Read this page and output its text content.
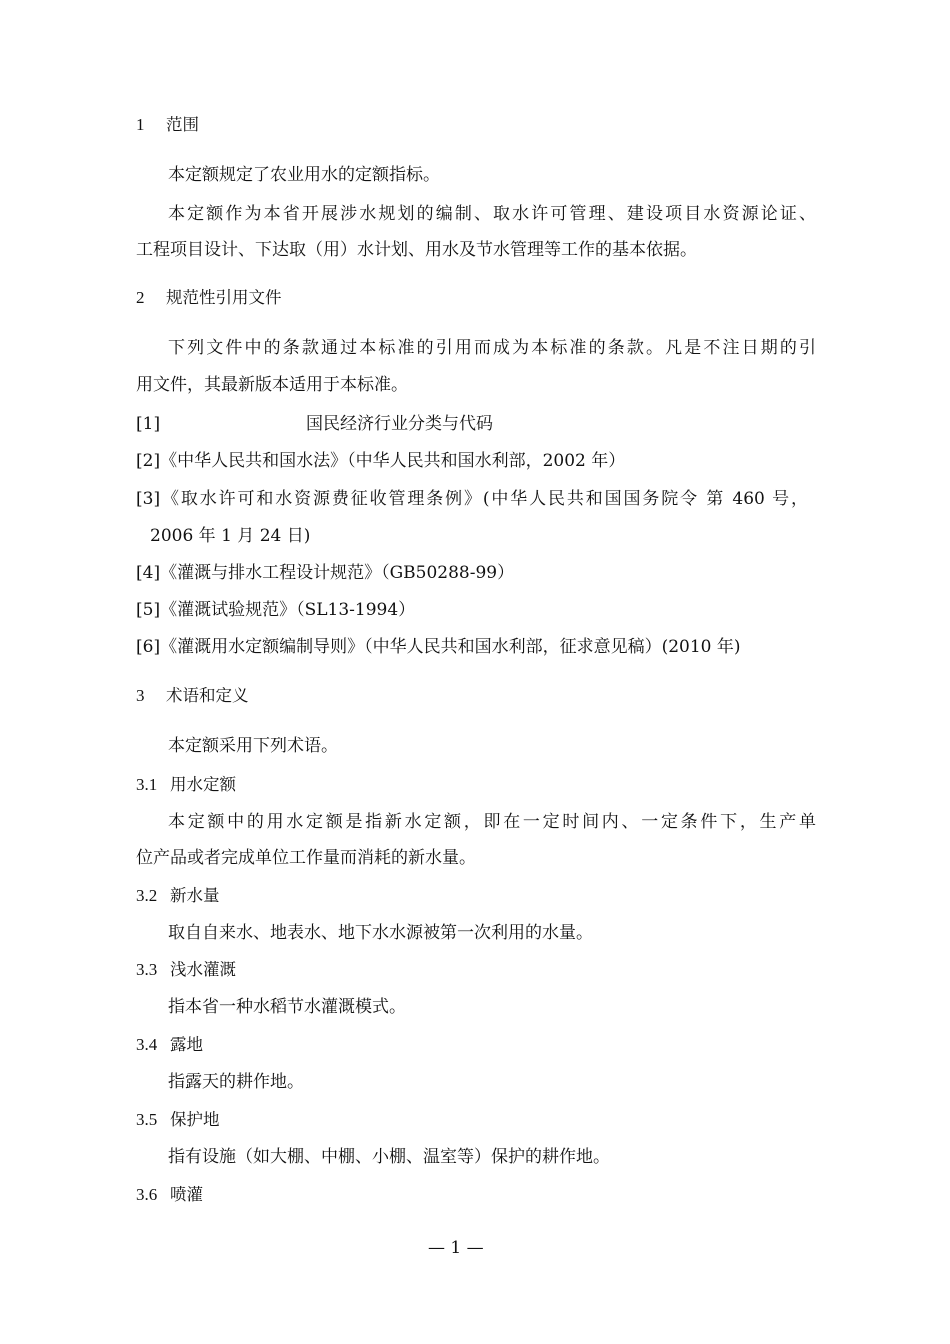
1 范围
本定额规定了农业用水的定额指标。
本定额作为本省开展涉水规划的编制、取水许可管理、建设项目水资源论证、
工程项目设计、下达取（用）水计划、用水及节水管理等工作的基本依据。
2 规范性引用文件
下列文件中的条款通过本标准的引用而成为本标准的条款。凡是不注日期的引
用文件，其最新版本适用于本标准。
[1]	国民经济行业分类与代码
[2]《中华人民共和国水法》（中华人民共和国水利部，2002 年）
[3]《取水许可和水资源费征收管理条例》(中华人民共和国国务院令 第 460 号，
2006 年 1 月 24 日)
[4]《灌溉与排水工程设计规范》（GB50288-99）
[5]《灌溉试验规范》（SL13-1994）
[6]《灌溉用水定额编制导则》（中华人民共和国水利部，征求意见稿）(2010 年)
3 术语和定义
本定额采用下列术语。
3.1 用水定额
本定额中的用水定额是指新水定额，即在一定时间内、一定条件下，生产单
位产品或者完成单位工作量而消耗的新水量。
3.2 新水量
取自自来水、地表水、地下水水源被第一次利用的水量。
3.3 浅水灌溉
指本省一种水稻节水灌溉模式。
3.4 露地
指露天的耕作地。
3.5 保护地
指有设施（如大棚、中棚、小棚、温室等）保护的耕作地。
3.6 喷灌
— 1 —
